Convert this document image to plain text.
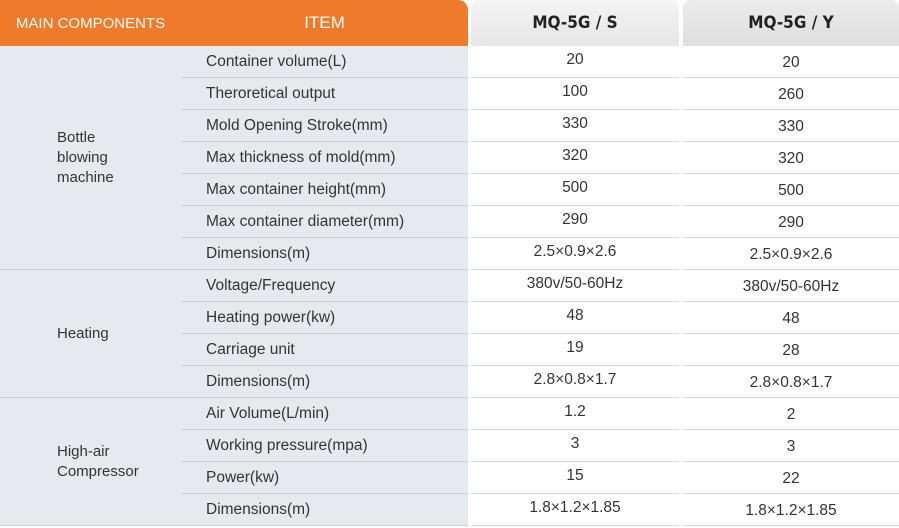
MAIN COMPONENTS	ITEM	MQ-5G / S	MQ-5G / Y
Bottle
blowing
machine
Container volume(L)	20	20
Theroretical output	100	260
Mold Opening Stroke(mm)	330	330
Max thickness of mold(mm)	320	320
Max container height(mm)	500	500
Max container diameter(mm)	290	290
Dimensions(m)	2.5×0.9×2.6	2.5×0.9×2.6
Heating
Voltage/Frequency	380v/50-60Hz	380v/50-60Hz
Heating power(kw)	48	48
Carriage unit	19	28
Dimensions(m)	2.8×0.8×1.7	2.8×0.8×1.7
High-air
Compressor
Air Volume(L/min)	1.2	2
Working pressure(mpa)	3	3
Power(kw)	15	22
Dimensions(m)	1.8×1.2×1.85	1.8×1.2×1.85
